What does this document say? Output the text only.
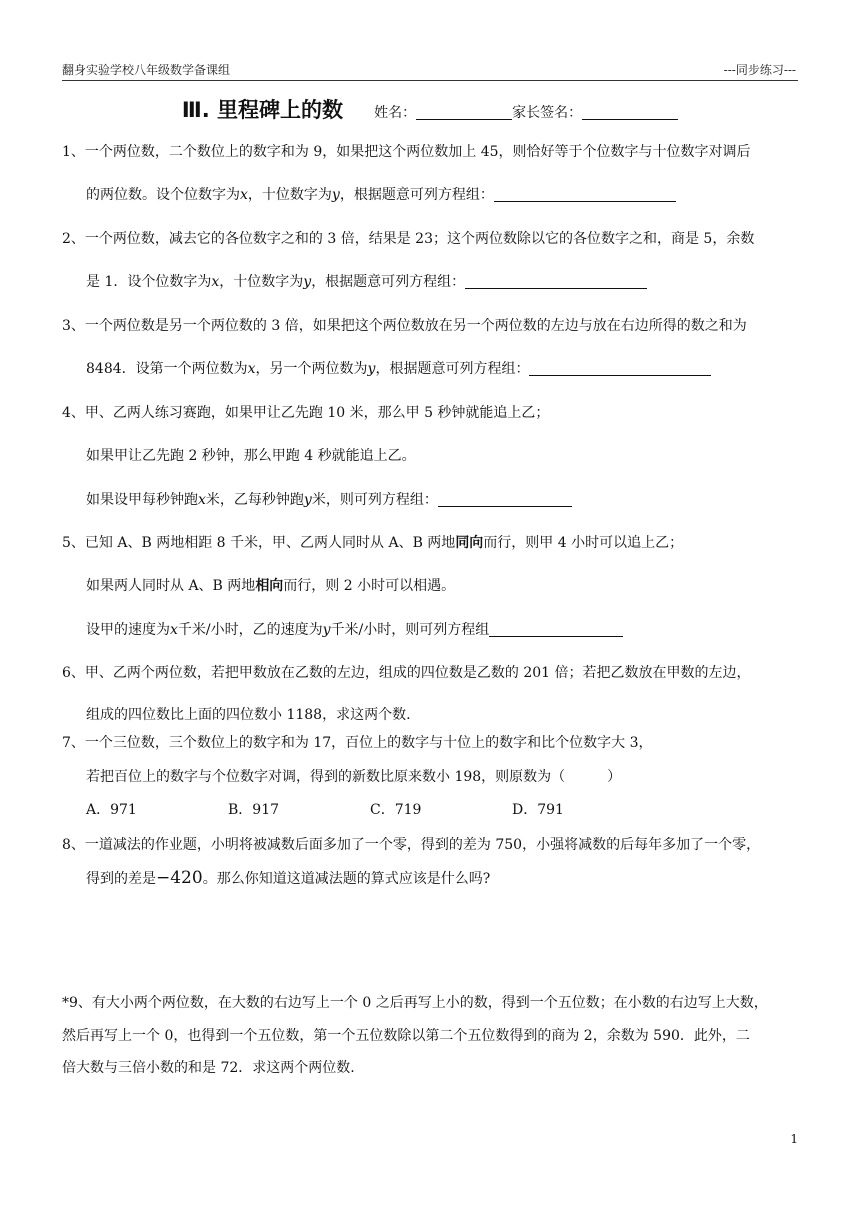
翻身实验学校八年级数学备课组	---同步练习---
Ⅲ. 里程碑上的数 姓名：	家长签名：
1、一个两位数，二个数位上的数字和为 9，如果把这个两位数加上 45，则恰好等于个位数字与十位数字对调后
的两位数。设个位数字为x，十位数字为y，根据题意可列方程组：
2、一个两位数，减去它的各位数字之和的 3 倍，结果是 23；这个两位数除以它的各位数字之和，商是 5，余数
是 1．设个位数字为x，十位数字为y，根据题意可列方程组：
3、一个两位数是另一个两位数的 3 倍，如果把这个两位数放在另一个两位数的左边与放在右边所得的数之和为
8484．设第一个两位数为x，另一个两位数为y，根据题意可列方程组：
4、甲、乙两人练习赛跑，如果甲让乙先跑 10 米，那么甲 5 秒钟就能追上乙；
如果甲让乙先跑 2 秒钟，那么甲跑 4 秒就能追上乙。
如果设甲每秒钟跑x米，乙每秒钟跑y米，则可列方程组：
5、已知 A、B 两地相距 8 千米，甲、乙两人同时从 A、B 两地同向而行，则甲 4 小时可以追上乙；
如果两人同时从 A、B 两地相向而行，则 2 小时可以相遇。
设甲的速度为x千米/小时，乙的速度为y千米/小时，则可列方程组
6、甲、乙两个两位数，若把甲数放在乙数的左边，组成的四位数是乙数的 201 倍；若把乙数放在甲数的左边，
组成的四位数比上面的四位数小 1188，求这两个数.
7、一个三位数，三个数位上的数字和为 17，百位上的数字与十位上的数字和比个位数字大 3，
若把百位上的数字与个位数字对调，得到的新数比原来数小 198，则原数为（　　　）
A．971	B．917	C．719	D．791
8、一道减法的作业题，小明将被减数后面多加了一个零，得到的差为 750，小强将减数的后每年多加了一个零，
得到的差是−420。那么你知道这道减法题的算式应该是什么吗?
*9、有大小两个两位数，在大数的右边写上一个 0 之后再写上小的数，得到一个五位数；在小数的右边写上大数，
然后再写上一个 0，也得到一个五位数，第一个五位数除以第二个五位数得到的商为 2，余数为 590．此外，二
倍大数与三倍小数的和是 72．求这两个两位数.
1
